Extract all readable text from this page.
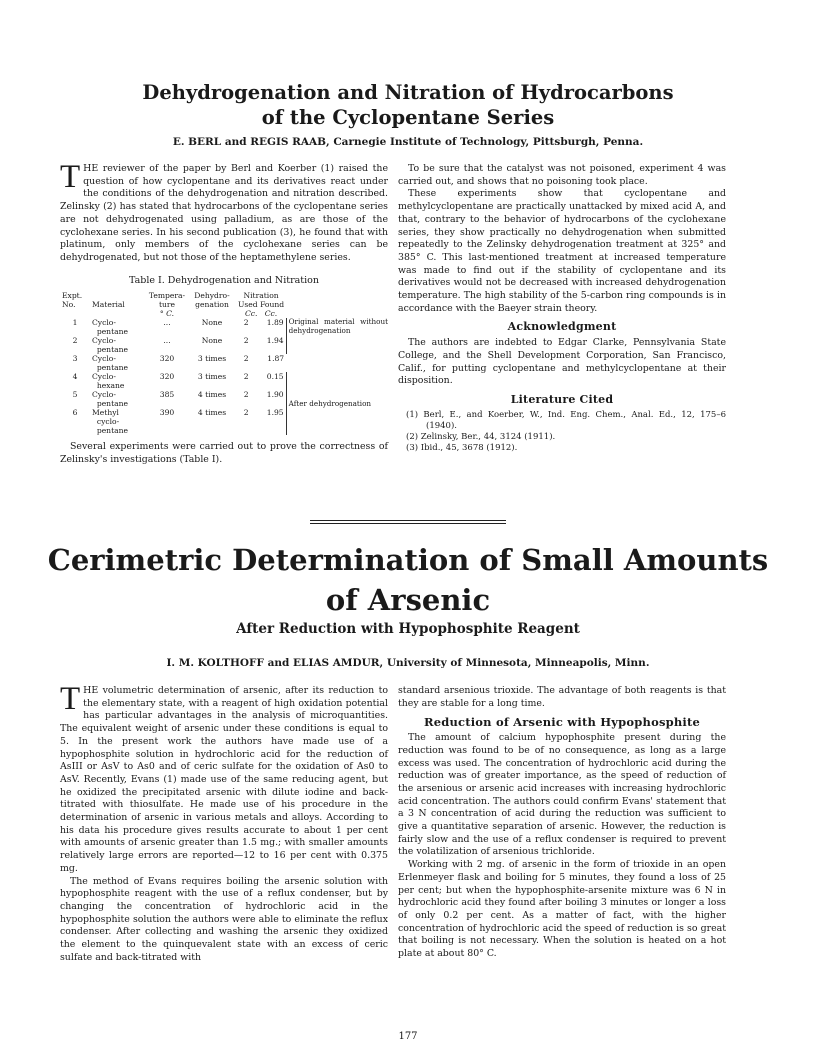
Dehydrogenation and Nitration of Hydrocarbons
of the Cyclopentane Series
E. BERL and REGIS RAAB, Carnegie Institute of Technology, Pittsburgh, Penna.

THE reviewer of the paper by Berl and Koerber (1) raised the question of how cyclopentane and its derivatives react under the conditions of the dehydrogenation and nitration described. Zelinsky (2) has stated that hydrocarbons of the cyclopentane series are not dehydrogenated using palladium, as are those of the cyclohexane series. In his second publication (3), he found that with platinum, only members of the cyclohexane series can be dehydrogenated, but not those of the heptamethylene series.

Table I. Dehydrogenation and Nitration
Expt.
No.	Material	Tempera-
ture
° C.	Dehydro-
genation	Nitration
Used Found
Cc. Cc.		
1	Cyclo-
pentane	...	None	2	1.89	Original material without dehydrogenation
2	Cyclo-
pentane	...	None	2	1.94	
3	Cyclo-
pentane	320	3 times	2	1.87	
4	Cyclo-
hexane	320	3 times	2	0.15	After dehydrogenation
5	Cyclo-
pentane	385	4 times	2	1.90	
6	Methyl
cyclo-
pentane	390	4 times	2	1.95	

Several experiments were carried out to prove the correctness of Zelinsky's investigations (Table I).

To be sure that the catalyst was not poisoned, experiment 4 was carried out, and shows that no poisoning took place.

These experiments show that cyclopentane and methylcyclopentane are practically unattacked by mixed acid A, and that, contrary to the behavior of hydrocarbons of the cyclohexane series, they show practically no dehydrogenation when submitted repeatedly to the Zelinsky dehydrogenation treatment at 325° and 385° C. This last-mentioned treatment at increased temperature was made to find out if the stability of cyclopentane and its derivatives would not be decreased with increased dehydrogenation temperature. The high stability of the 5-carbon ring compounds is in accordance with the Baeyer strain theory.

Acknowledgment

The authors are indebted to Edgar Clarke, Pennsylvania State College, and the Shell Development Corporation, San Francisco, Calif., for putting cyclopentane and methylcyclopentane at their disposition.

Literature Cited
(1) Berl, E., and Koerber, W., Ind. Eng. Chem., Anal. Ed., 12, 175–6 (1940).
(2) Zelinsky, Ber., 44, 3124 (1911).
(3) Ibid., 45, 3678 (1912).
Cerimetric Determination of Small Amounts
of Arsenic
After Reduction with Hypophosphite Reagent
I. M. KOLTHOFF and ELIAS AMDUR, University of Minnesota, Minneapolis, Minn.

THE volumetric determination of arsenic, after its reduction to the elementary state, with a reagent of high oxidation potential has particular advantages in the analysis of microquantities. The equivalent weight of arsenic under these conditions is equal to 5. In the present work the authors have made use of a hypophosphite solution in hydrochloric acid for the reduction of AsIII or AsV to As0 and of ceric sulfate for the oxidation of As0 to AsV. Recently, Evans (1) made use of the same reducing agent, but he oxidized the precipitated arsenic with dilute iodine and back-titrated with thiosulfate. He made use of his procedure in the determination of arsenic in various metals and alloys. According to his data his procedure gives results accurate to about 1 per cent with amounts of arsenic greater than 1.5 mg.; with smaller amounts relatively large errors are reported—12 to 16 per cent with 0.375 mg.

The method of Evans requires boiling the arsenic solution with hypophosphite reagent with the use of a reflux condenser, but by changing the concentration of hydrochloric acid in the hypophosphite solution the authors were able to eliminate the reflux condenser. After collecting and washing the arsenic they oxidized the element to the quinquevalent state with an excess of ceric sulfate and back-titrated with

standard arsenious trioxide. The advantage of both reagents is that they are stable for a long time.

Reduction of Arsenic with Hypophosphite

The amount of calcium hypophosphite present during the reduction was found to be of no consequence, as long as a large excess was used. The concentration of hydrochloric acid during the reduction was of greater importance, as the speed of reduction of the arsenious or arsenic acid increases with increasing hydrochloric acid concentration. The authors could confirm Evans' statement that a 3 N concentration of acid during the reduction was sufficient to give a quantitative separation of arsenic. However, the reduction is fairly slow and the use of a reflux condenser is required to prevent the volatilization of arsenious trichloride.

Working with 2 mg. of arsenic in the form of trioxide in an open Erlenmeyer flask and boiling for 5 minutes, they found a loss of 25 per cent; but when the hypophosphite-arsenite mixture was 6 N in hydrochloric acid they found after boiling 3 minutes or longer a loss of only 0.2 per cent. As a matter of fact, with the higher concentration of hydrochloric acid the speed of reduction is so great that boiling is not necessary. When the solution is heated on a hot plate at about 80° C.

177
